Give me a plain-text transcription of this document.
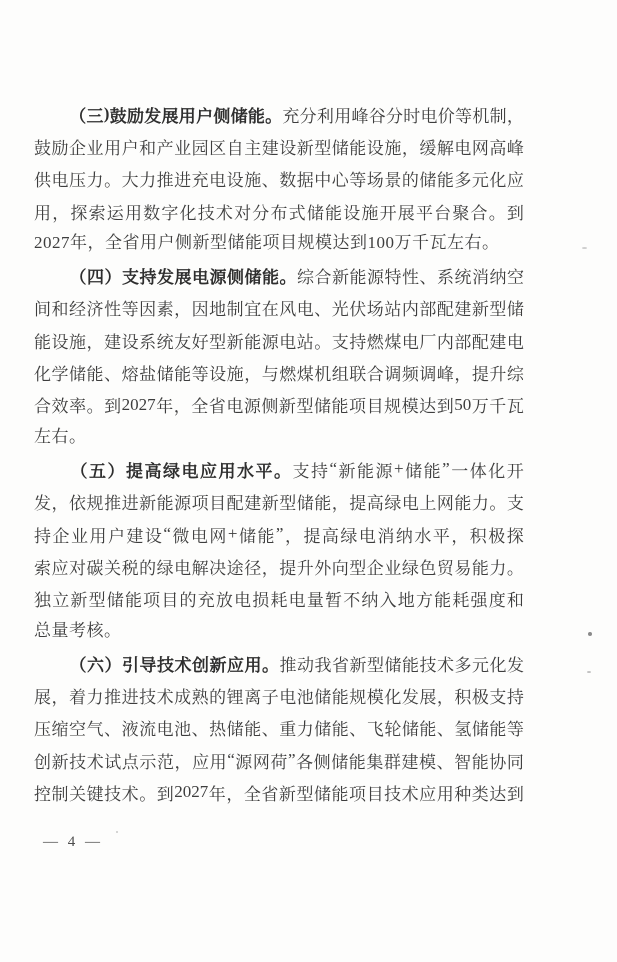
（ 三 ) 鼓 励 发 展 用 户 侧 储 能 。 充 分 利 用 峰 谷 分 时 电 价 等 机 制 ，
鼓 励 企 业 用 户 和 产 业 园 区 自 主 建 设 新 型 储 能 设 施 ， 缓 解 电 网 高 峰
供 电 压 力 。 大 力 推 进 充 电 设 施 、 数 据 中 心 等 场 景 的 储 能 多 元 化 应
用 ， 探 索 运 用 数 字 化 技 术 对 分 布 式 储 能 设 施 开 展 平 台 聚 合 。 到
2027年，全省用户侧新型储能项目规模达到100万千瓦左右。
（ 四 ） 支 持 发 展 电 源 侧 储 能 。 综 合 新 能 源 特 性 、 系 统 消 纳 空
间 和 经 济 性 等 因 素 ， 因 地 制 宜 在 风 电 、 光 伏 场 站 内 部 配 建 新 型 储
能 设 施 ， 建 设 系 统 友 好 型 新 能 源 电 站 。 支 持 燃 煤 电 厂 内 部 配 建 电
化 学 储 能 、 熔 盐 储 能 等 设 施 ， 与 燃 煤 机 组 联 合 调 频 调 峰 ， 提 升 综
合 效 率 。 到 2027 年 ， 全 省 电 源 侧 新 型 储 能 项 目 规 模 达 到 50 万 千 瓦
左右。
（ 五 ） 提 高 绿 电 应 用 水 平 。 支 持 “ 新 能 源 + 储 能 ” 一 体 化 开
发 ， 依 规 推 进 新 能 源 项 目 配 建 新 型 储 能 ， 提 高 绿 电 上 网 能 力 。 支
持 企 业 用 户 建 设 “ 微 电 网 + 储 能 ” ， 提 高 绿 电 消 纳 水 平 ， 积 极 探
索 应 对 碳 关 税 的 绿 电 解 决 途 径 ， 提 升 外 向 型 企 业 绿 色 贸 易 能 力 。
独 立 新 型 储 能 项 目 的 充 放 电 损 耗 电 量 暂 不 纳 入 地 方 能 耗 强 度 和
总量考核。
（ 六 ） 引 导 技 术 创 新 应 用 。 推 动 我 省 新 型 储 能 技 术 多 元 化 发
展 ， 着 力 推 进 技 术 成 熟 的 锂 离 子 电 池 储 能 规 模 化 发 展 ， 积 极 支 持
压 缩 空 气 、 液 流 电 池 、 热 储 能 、 重 力 储 能 、 飞 轮 储 能 、 氢 储 能 等
创 新 技 术 试 点 示 范 ， 应 用 “ 源 网 荷 ” 各 侧 储 能 集 群 建 模 、 智 能 协 同
控 制 关 键 技 术 。 到 2027 年 ， 全 省 新 型 储 能 项 目 技 术 应 用 种 类 达 到
— 4 —
